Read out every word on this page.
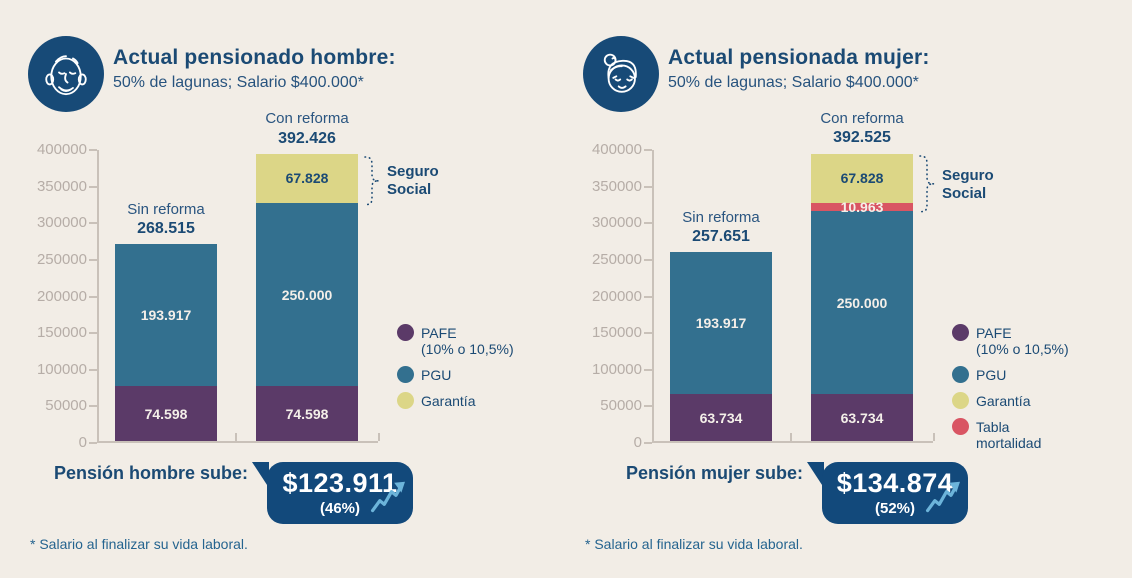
Actual pensionado hombre:
50% de lagunas; Salario $400.000*
400000
350000
300000
250000
200000
150000
100000
50000
0
74.598
193.917
Sin reforma
268.515
74.598
250.000
67.828
Con reforma
392.426
Seguro
Social
PAFE
(10% o 10,5%)
PGU
Garantía
Pensión hombre sube: $123.911
(46%)
* Salario al finalizar su vida laboral.
Actual pensionada mujer:
50% de lagunas; Salario $400.000*
400000
350000
300000
250000
200000
150000
100000
50000
0
63.734
193.917
Sin reforma
257.651
63.734
250.000
10.963
67.828
Con reforma
392.525
Seguro
Social
PAFE
(10% o 10,5%)
PGU
Garantía
Tabla
mortalidad
Pensión mujer sube: $134.874
(52%)
* Salario al finalizar su vida laboral.
